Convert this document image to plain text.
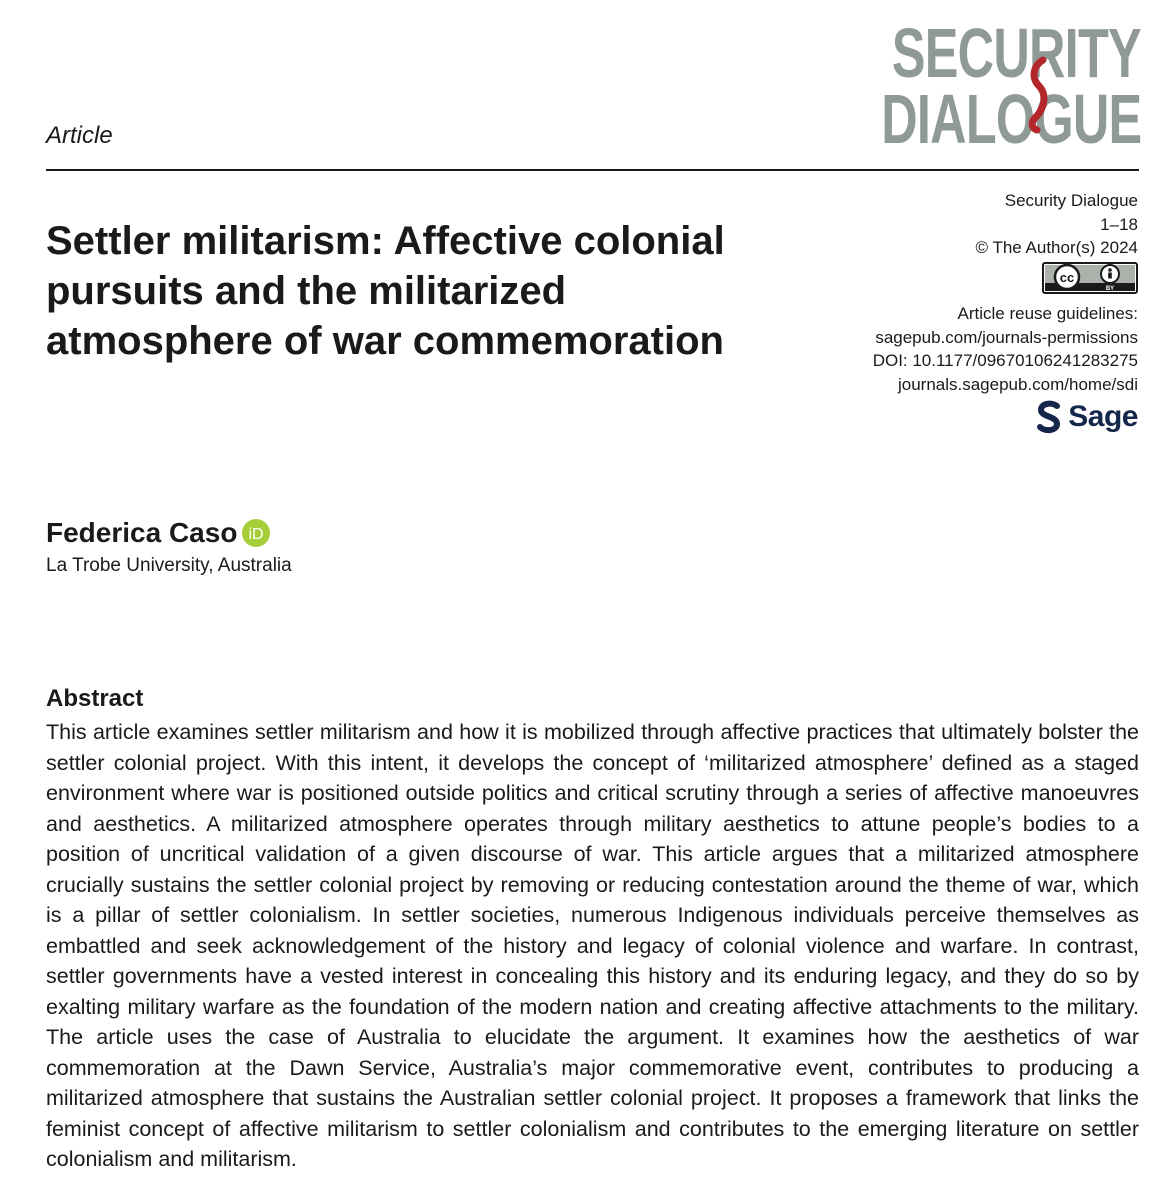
SECURITY
DIALOGUE
Article
Security Dialogue
1–18
© The Author(s) 2024
cc
BY
Article reuse guidelines:
sagepub.com/journals-permissions
DOI: 10.1177/09670106241283275
journals.sagepub.com/home/sdi
Sage
Settler militarism: Affective colonial pursuits and the militarized atmosphere of war commemoration
Federica Caso iD
La Trobe University, Australia
Abstract

This article examines settler militarism and how it is mobilized through affective practices that ultimately bolster the settler colonial project. With this intent, it develops the concept of ‘militarized atmosphere’ defined as a staged environment where war is positioned outside politics and critical scrutiny through a series of affective manoeuvres and aesthetics. A militarized atmosphere operates through military aesthetics to attune people’s bodies to a position of uncritical validation of a given discourse of war. This article argues that a militarized atmosphere crucially sustains the settler colonial project by removing or reducing contestation around the theme of war, which is a pillar of settler colonialism. In settler societies, numerous Indigenous individuals perceive themselves as embattled and seek acknowledgement of the history and legacy of colonial violence and warfare. In contrast, settler governments have a vested interest in concealing this history and its enduring legacy, and they do so by exalting military warfare as the foundation of the modern nation and creating affective attachments to the military. The article uses the case of Australia to elucidate the argument. It examines how the aesthetics of war commemoration at the Dawn Service, Australia’s major commemorative event, contributes to producing a militarized atmosphere that sustains the Australian settler colonial project. It proposes a framework that links the feminist concept of affective militarism to settler colonialism and contributes to the emerging literature on settler colonialism and militarism.
